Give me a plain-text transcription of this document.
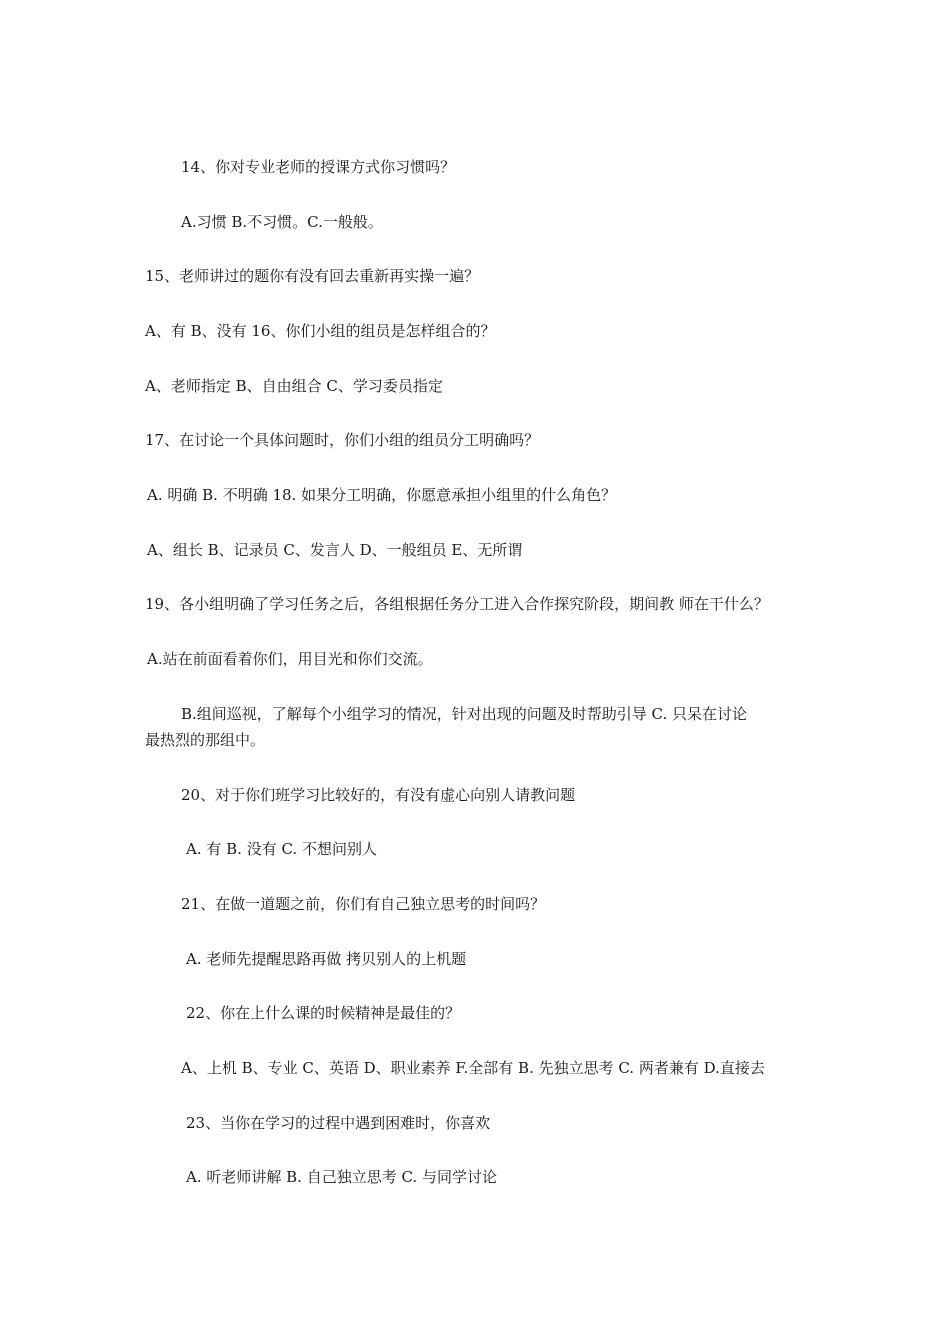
14、你对专业老师的授课方式你习惯吗？

A.习惯 B.不习惯。C.一般般。

15、老师讲过的题你有没有回去重新再实操一遍？

A、有 B、没有 16、你们小组的组员是怎样组合的？

A、老师指定 B、自由组合 C、学习委员指定

17、在讨论一个具体问题时，你们小组的组员分工明确吗？

A. 明确 B. 不明确 18. 如果分工明确，你愿意承担小组里的什么角色？

A、组长 B、记录员 C、发言人 D、一般组员 E、无所谓

19、各小组明确了学习任务之后，各组根据任务分工进入合作探究阶段，期间教 师在干什么？

A.站在前面看着你们，用目光和你们交流。

B.组间巡视，了解每个小组学习的情况，针对出现的问题及时帮助引导 C. 只呆在讨论

最热烈的那组中。

20、对于你们班学习比较好的，有没有虚心向别人请教问题

A. 有 B. 没有 C. 不想问别人

21、在做一道题之前，你们有自己独立思考的时间吗？

A. 老师先提醒思路再做 拷贝别人的上机题

22、你在上什么课的时候精神是最佳的？

A、上机 B、专业 C、英语 D、职业素养 F.全部有 B. 先独立思考 C. 两者兼有 D.直接去

23、当你在学习的过程中遇到困难时，你喜欢

A. 听老师讲解 B. 自己独立思考 C. 与同学讨论
